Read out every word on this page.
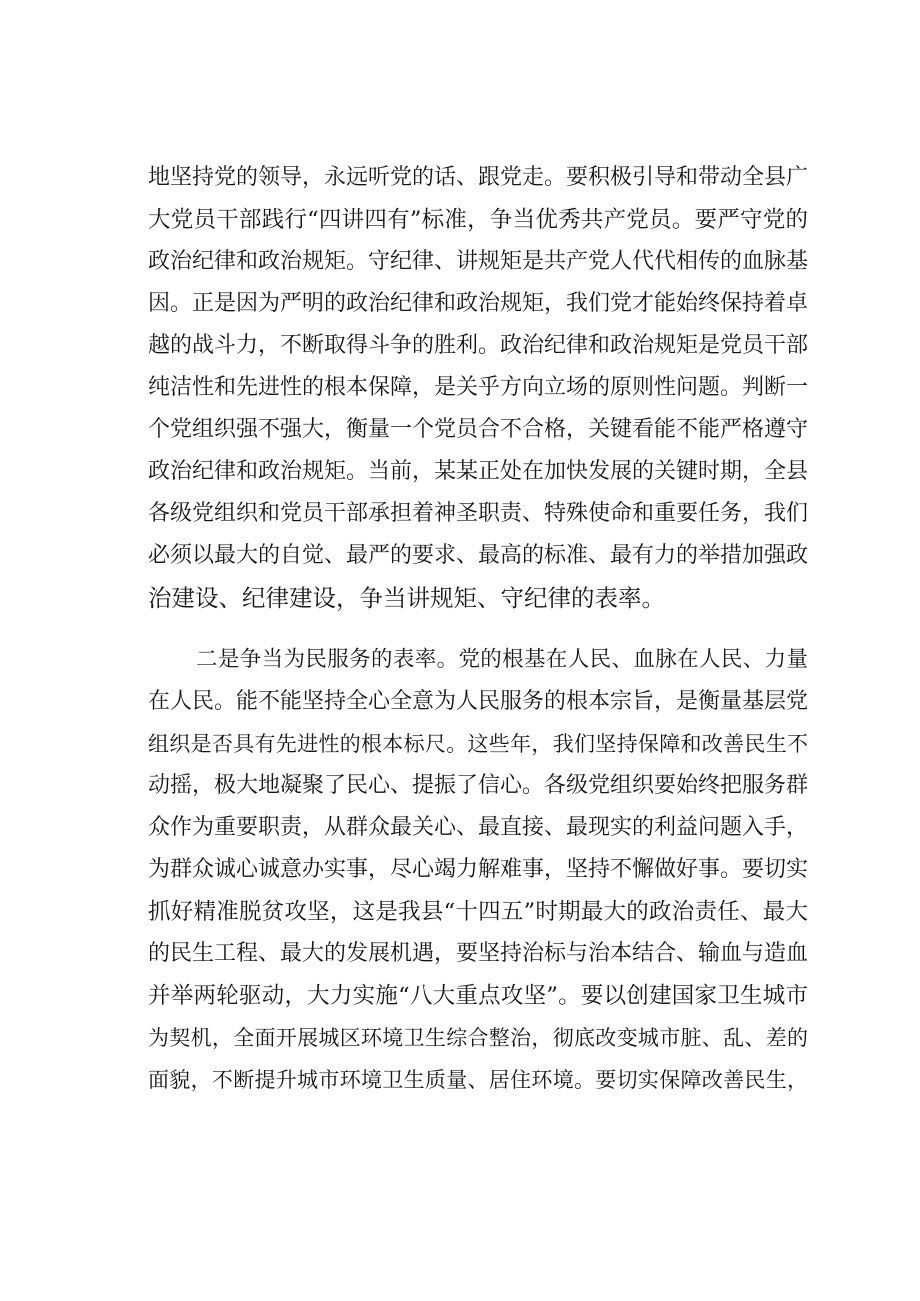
地坚持党的领导，永远听党的话、跟党走。要积极引导和带动全县广
大党员干部践行“四讲四有”标准，争当优秀共产党员。要严守党的
政治纪律和政治规矩。守纪律、讲规矩是共产党人代代相传的血脉基
因。正是因为严明的政治纪律和政治规矩，我们党才能始终保持着卓
越的战斗力，不断取得斗争的胜利。政治纪律和政治规矩是党员干部
纯洁性和先进性的根本保障，是关乎方向立场的原则性问题。判断一
个党组织强不强大，衡量一个党员合不合格，关键看能不能严格遵守
政治纪律和政治规矩。当前，某某正处在加快发展的关键时期，全县
各级党组织和党员干部承担着神圣职责、特殊使命和重要任务，我们
必须以最大的自觉、最严的要求、最高的标准、最有力的举措加强政
治建设、纪律建设，争当讲规矩、守纪律的表率。
二是争当为民服务的表率。党的根基在人民、血脉在人民、力量
在人民。能不能坚持全心全意为人民服务的根本宗旨，是衡量基层党
组织是否具有先进性的根本标尺。这些年，我们坚持保障和改善民生不
动摇，极大地凝聚了民心、提振了信心。各级党组织要始终把服务群
众作为重要职责，从群众最关心、最直接、最现实的利益问题入手，
为群众诚心诚意办实事，尽心竭力解难事，坚持不懈做好事。要切实
抓好精准脱贫攻坚，这是我县“十四五”时期最大的政治责任、最大
的民生工程、最大的发展机遇，要坚持治标与治本结合、输血与造血
并举两轮驱动，大力实施“八大重点攻坚”。要以创建国家卫生城市
为契机，全面开展城区环境卫生综合整治，彻底改变城市脏、乱、差的
面貌，不断提升城市环境卫生质量、居住环境。要切实保障改善民生，
